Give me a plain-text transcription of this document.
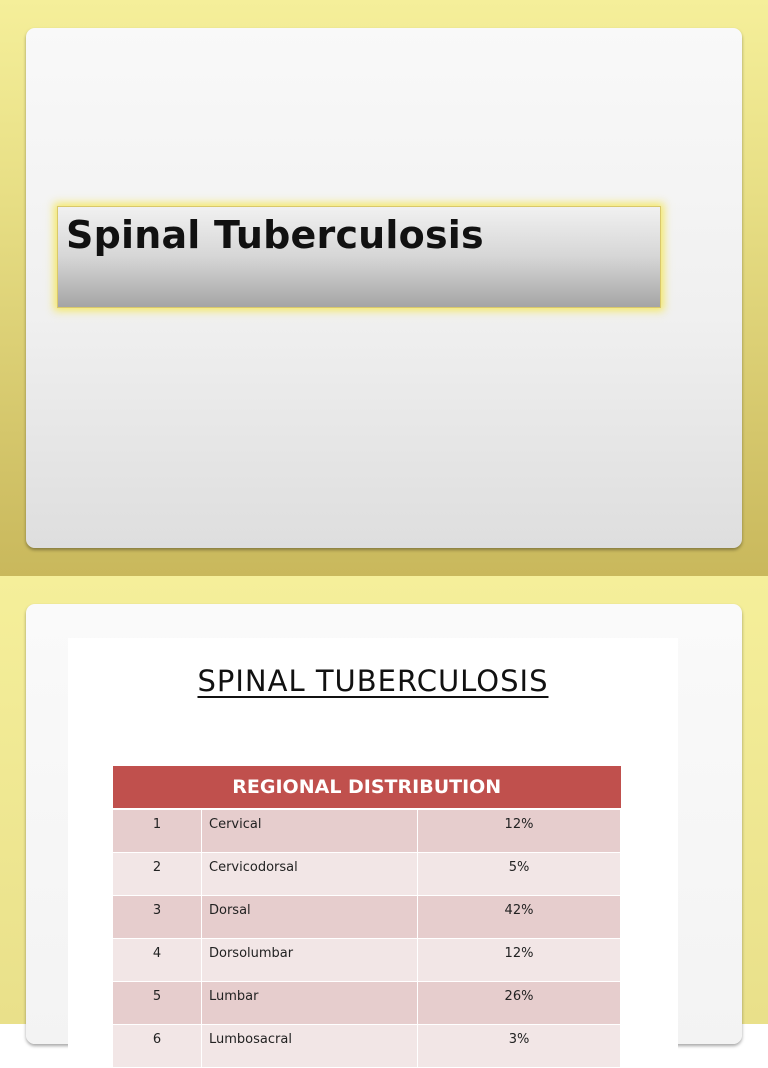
Spinal Tuberculosis
SPINAL TUBERCULOSIS
REGIONAL DISTRIBUTION		
1	Cervical	12%
2	Cervicodorsal	5%
3	Dorsal	42%
4	Dorsolumbar	12%
5	Lumbar	26%
6	Lumbosacral	3%
